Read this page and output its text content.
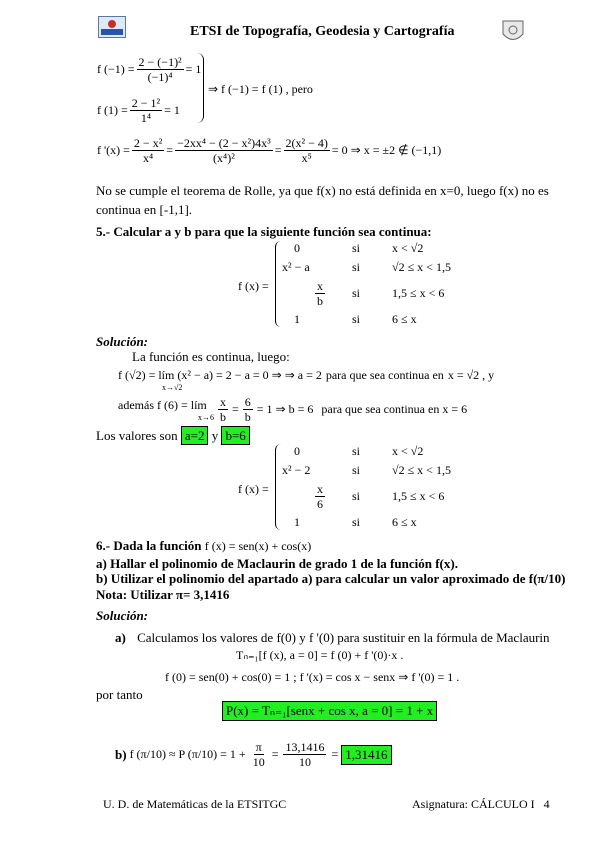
ETSI de Topografía, Geodesia y Cartografía
f $(-1) = \frac{\text{2 − (−1)²}}{\text{(−1)⁴}} = 1$
f $(1) = \frac{\text{2 − 1²}}{\text{1⁴}} = 1$
⇒ f (−1) = f (1) , pero
f '$(x) = \frac{\text{2 − x²}}{\text{x⁴}} = \frac{\text{−2xx⁴ − (2 − x²)4x³}}{\text{(x⁴)²}} = \frac{\text{2(x² − 4)}}{\text{x⁵}} = 0$ ⇒ x = ±2 ∉ (−1,1)
No se cumple el teorema de Rolle, ya que f(x) no está definida en x=0, luego f(x) no es
continua en [-1,1].
5.- Calcular a y b para que la siguiente función sea continua:
f (x) =
0	si	x < √2
x² − a	si	√2 ≤ x < 1,5
$\frac{x}{b}$ si	1,5 ≤ x < 6
1	si	6 ≤ x
Solución:
La función es continua, luego:
f (√2) = lím (x² − a) = 2 − a = 0 ⇒ ⇒ a = 2
x→√2
para que sea continua en x = √2 , y
además f (6) = lím
$x\to 6 \frac{x}{b} = \frac{6}{b} = 1$ ⇒ b = 6 para que sea continua en x = 6
Los valores son a=2 y b=6
f (x) =
0	si	x < √2
x² − 2	si	√2 ≤ x < 1,5
$\frac{x}{6}$ si	1,5 ≤ x < 6
1	si	6 ≤ x
6.- Dada la función f (x) = sen(x) + cos(x)
a) Hallar el polinomio de Maclaurin de grado 1 de la función f(x).
b) Utilizar el polinomio del apartado a) para calcular un valor aproximado de f(π/10)
Nota: Utilizar π= 3,1416
Solución:
a) Calculamos los valores de f(0) y f '(0) para sustituir en la fórmula de Maclaurin
Tₙ₌₁[f (x), a = 0] = f (0) + f '(0)·x .
f (0) = sen(0) + cos(0) = 1 ; f '(x) = cos x − senx ⇒ f '(0) = 1 .
por tanto
P(x) = Tₙ₌₁[senx + cos x, a = 0] = 1 + x
b) f (π/10) ≈ P $(\pi/10) = 1 + \frac{\pi}{10} = \frac{13,1416}{10} = 1,31416$
U. D. de Matemáticas de la ETSITGC	Asignatura: CÁLCULO I 4
